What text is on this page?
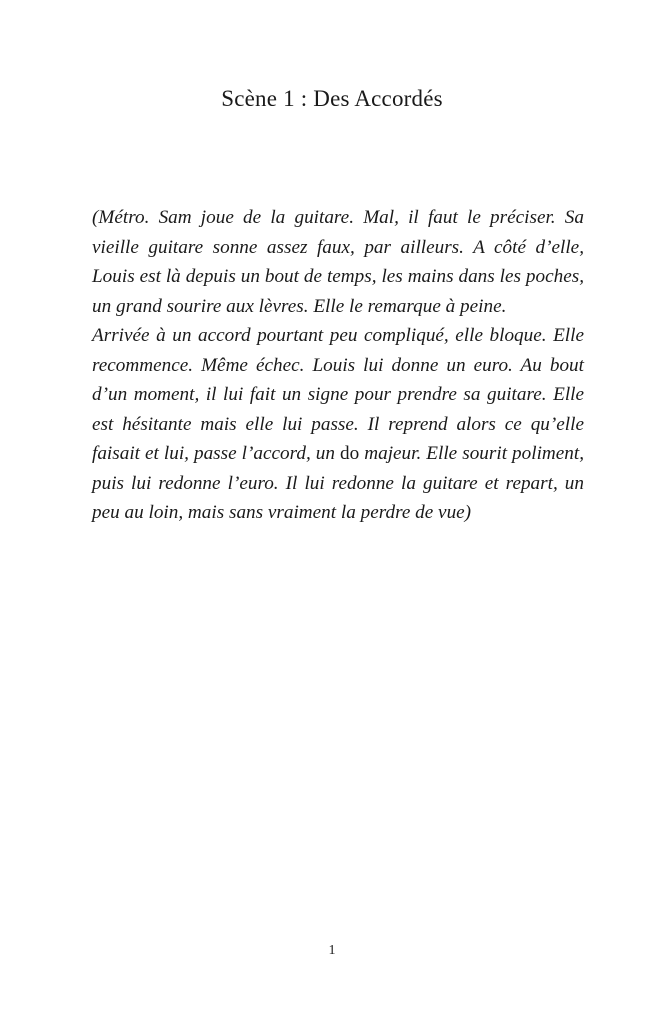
Scène 1 : Des Accordés

(Métro. Sam joue de la guitare. Mal, il faut le préciser. Sa vieille guitare sonne assez faux, par ailleurs. A côté d’elle, Louis est là depuis un bout de temps, les mains dans les poches, un grand sourire aux lèvres. Elle le remarque à peine.

Arrivée à un accord pourtant peu compliqué, elle bloque. Elle recommence. Même échec. Louis lui donne un euro. Au bout d’un moment, il lui fait un signe pour prendre sa guitare. Elle est hésitante mais elle lui passe. Il reprend alors ce qu’elle faisait et lui, passe l’accord, un do majeur. Elle sourit poliment, puis lui redonne l’euro. Il lui redonne la guitare et repart, un peu au loin, mais sans vraiment la perdre de vue)

1
